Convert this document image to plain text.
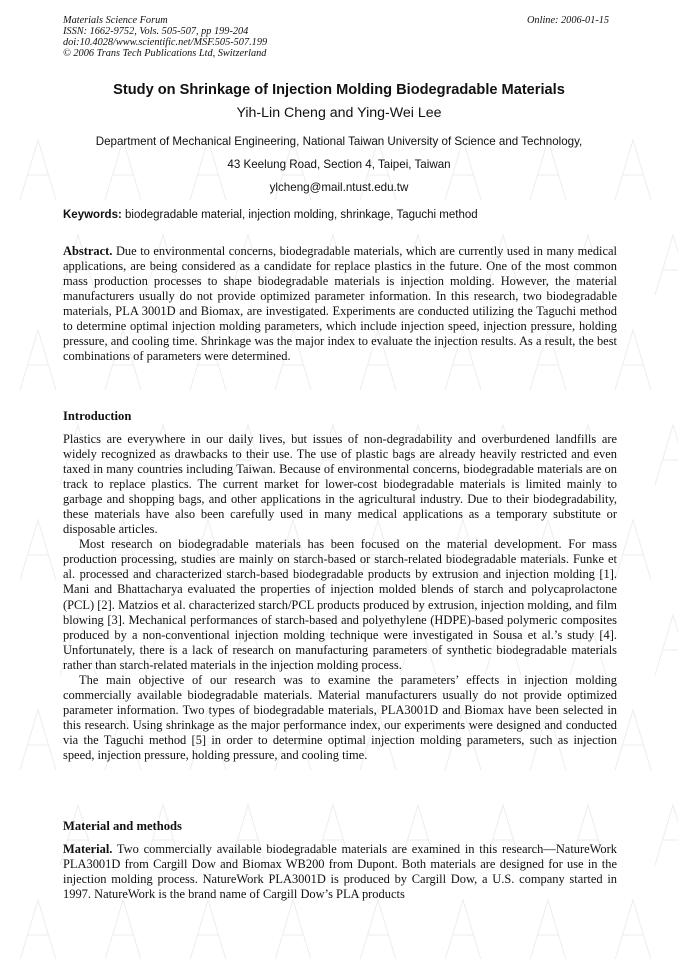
Materials Science Forum
ISSN: 1662-9752, Vols. 505-507, pp 199-204
doi:10.4028/www.scientific.net/MSF.505-507.199
© 2006 Trans Tech Publications Ltd, Switzerland
Online: 2006-01-15
Study on Shrinkage of Injection Molding Biodegradable Materials
Yih-Lin Cheng and Ying-Wei Lee
Department of Mechanical Engineering, National Taiwan University of Science and Technology,
43 Keelung Road, Section 4, Taipei, Taiwan
ylcheng@mail.ntust.edu.tw
Keywords: biodegradable material, injection molding, shrinkage, Taguchi method

Abstract. Due to environmental concerns, biodegradable materials, which are currently used in many medical applications, are being considered as a candidate for replace plastics in the future. One of the most common mass production processes to shape biodegradable materials is injection molding. However, the material manufacturers usually do not provide optimized parameter information. In this research, two biodegradable materials, PLA 3001D and Biomax, are investigated. Experiments are conducted utilizing the Taguchi method to determine optimal injection molding parameters, which include injection speed, injection pressure, holding pressure, and cooling time. Shrinkage was the major index to evaluate the injection results. As a result, the best combinations of parameters were determined.

Introduction

Plastics are everywhere in our daily lives, but issues of non-degradability and overburdened landfills are widely recognized as drawbacks to their use. The use of plastic bags are already heavily restricted and even taxed in many countries including Taiwan. Because of environmental concerns, biodegradable materials are on track to replace plastics. The current market for lower-cost biodegradable materials is limited mainly to garbage and shopping bags, and other applications in the agricultural industry. Due to their biodegradability, these materials have also been carefully used in many medical applications as a temporary substitute or disposable articles.

Most research on biodegradable materials has been focused on the material development. For mass production processing, studies are mainly on starch-based or starch-related biodegradable materials. Funke et al. processed and characterized starch-based biodegradable products by extrusion and injection molding [1]. Mani and Bhattacharya evaluated the properties of injection molded blends of starch and polycaprolactone (PCL) [2]. Matzios et al. characterized starch/PCL products produced by extrusion, injection molding, and film blowing [3]. Mechanical performances of starch-based and polyethylene (HDPE)-based polymeric composites produced by a non-conventional injection molding technique were investigated in Sousa et al.’s study [4]. Unfortunately, there is a lack of research on manufacturing parameters of synthetic biodegradable materials rather than starch-related materials in the injection molding process.

The main objective of our research was to examine the parameters’ effects in injection molding commercially available biodegradable materials. Material manufacturers usually do not provide optimized parameter information. Two types of biodegradable materials, PLA3001D and Biomax have been selected in this research. Using shrinkage as the major performance index, our experiments were designed and conducted via the Taguchi method [5] in order to determine optimal injection molding parameters, such as injection speed, injection pressure, holding pressure, and cooling time.

Material and methods

Material. Two commercially available biodegradable materials are examined in this research—NatureWork PLA3001D from Cargill Dow and Biomax WB200 from Dupont. Both materials are designed for use in the injection molding process. NatureWork PLA3001D is produced by Cargill Dow, a U.S. company started in 1997. NatureWork is the brand name of Cargill Dow’s PLA products
